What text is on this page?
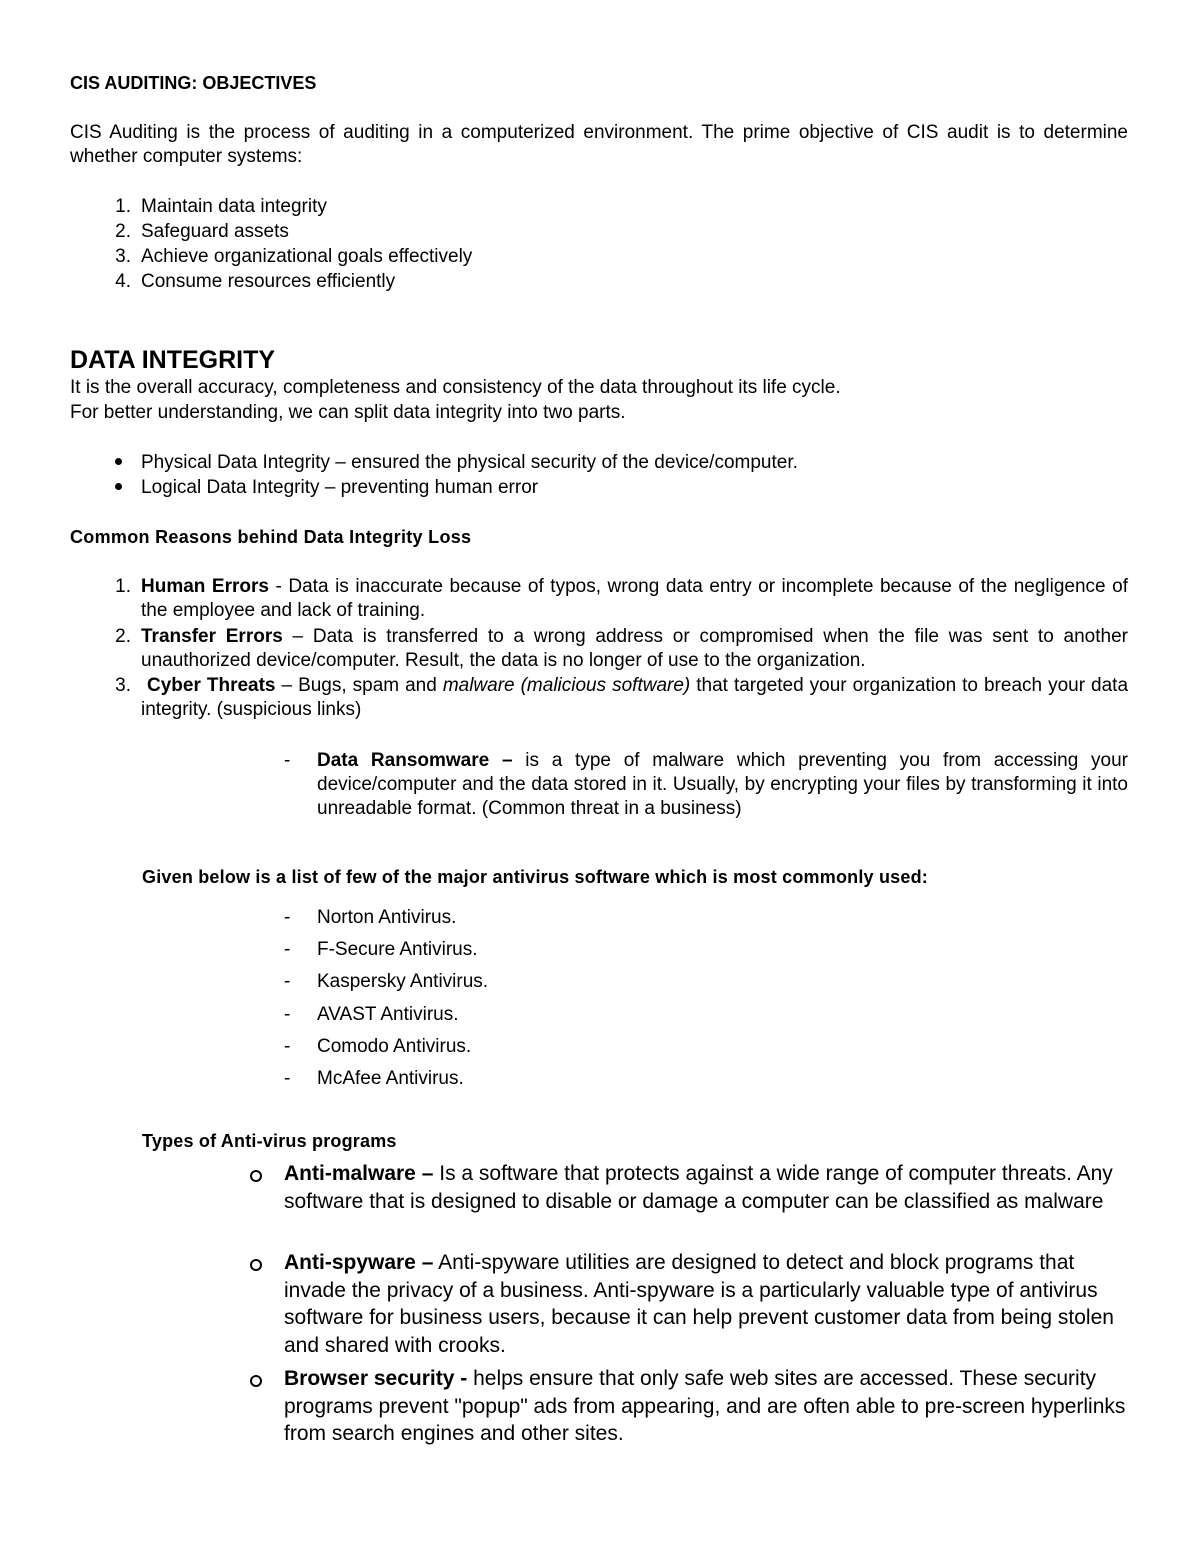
CIS AUDITING: OBJECTIVES
CIS Auditing is the process of auditing in a computerized environment. The prime objective of CIS audit is to determine whether computer systems:
1. Maintain data integrity
2. Safeguard assets
3. Achieve organizational goals effectively
4. Consume resources efficiently
DATA INTEGRITY
It is the overall accuracy, completeness and consistency of the data throughout its life cycle.
For better understanding, we can split data integrity into two parts.
Physical Data Integrity – ensured the physical security of the device/computer.
Logical Data Integrity – preventing human error
Common Reasons behind Data Integrity Loss
1. Human Errors - Data is inaccurate because of typos, wrong data entry or incomplete because of the negligence of the employee and lack of training.
2. Transfer Errors – Data is transferred to a wrong address or compromised when the file was sent to another unauthorized device/computer. Result, the data is no longer of use to the organization.
3. Cyber Threats – Bugs, spam and malware (malicious software) that targeted your organization to breach your data integrity. (suspicious links)
- Data Ransomware – is a type of malware which preventing you from accessing your device/computer and the data stored in it. Usually, by encrypting your files by transforming it into unreadable format. (Common threat in a business)
Given below is a list of few of the major antivirus software which is most commonly used:
- Norton Antivirus.
- F-Secure Antivirus.
- Kaspersky Antivirus.
- AVAST Antivirus.
- Comodo Antivirus.
- McAfee Antivirus.
Types of Anti-virus programs
Anti-malware – Is a software that protects against a wide range of computer threats. Any software that is designed to disable or damage a computer can be classified as malware
Anti-spyware – Anti-spyware utilities are designed to detect and block programs that invade the privacy of a business. Anti-spyware is a particularly valuable type of antivirus software for business users, because it can help prevent customer data from being stolen and shared with crooks.
Browser security - helps ensure that only safe web sites are accessed. These security programs prevent "popup" ads from appearing, and are often able to pre-screen hyperlinks from search engines and other sites.
